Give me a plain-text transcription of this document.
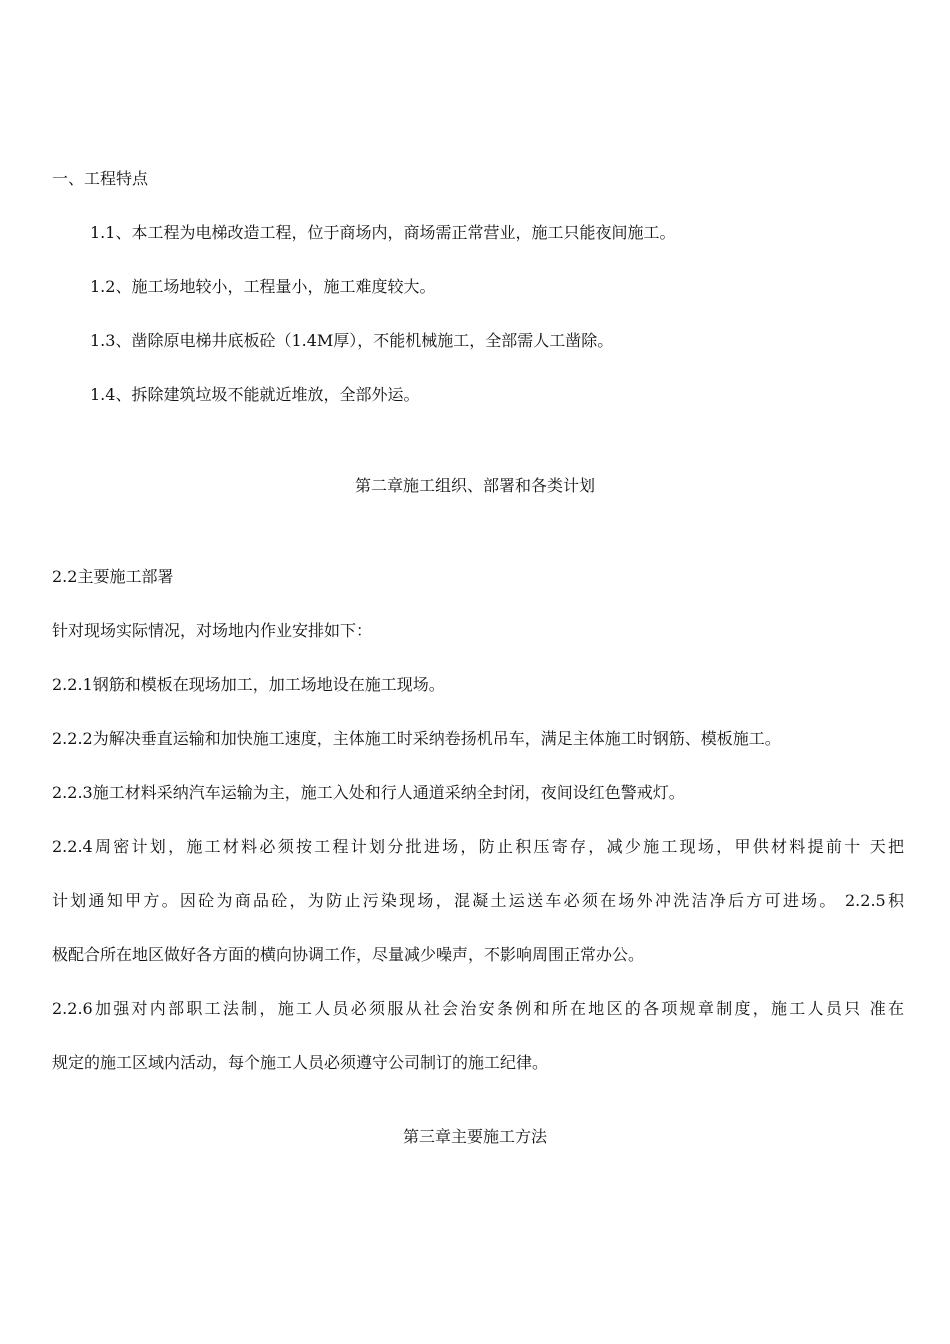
一、工程特点

1.1、本工程为电梯改造工程，位于商场内，商场需正常营业，施工只能夜间施工。

1.2、施工场地较小，工程量小，施工难度较大。

1.3、凿除原电梯井底板砼（1.4M厚），不能机械施工，全部需人工凿除。

1.4、拆除建筑垃圾不能就近堆放，全部外运。

第二章施工组织、部署和各类计划

2.2主要施工部署

针对现场实际情况，对场地内作业安排如下：

2.2.1钢筋和模板在现场加工，加工场地设在施工现场。

2.2.2为解决垂直运输和加快施工速度，主体施工时采纳卷扬机吊车，满足主体施工时钢筋、模板施工。

2.2.3施工材料采纳汽车运输为主，施工入处和行人通道采纳全封闭，夜间设红色警戒灯。

2.2.4周密计划，施工材料必须按工程计划分批进场，防止积压寄存，减少施工现场，甲供材料提前十 天把

计划通知甲方。因砼为商品砼，为防止污染现场，混凝土运送车必须在场外冲洗洁净后方可进场。 2.2.5积

极配合所在地区做好各方面的横向协调工作，尽量减少噪声，不影响周围正常办公。

2.2.6加强对内部职工法制，施工人员必须服从社会治安条例和所在地区的各项规章制度，施工人员只 准在

规定的施工区域内活动，每个施工人员必须遵守公司制订的施工纪律。

第三章主要施工方法
